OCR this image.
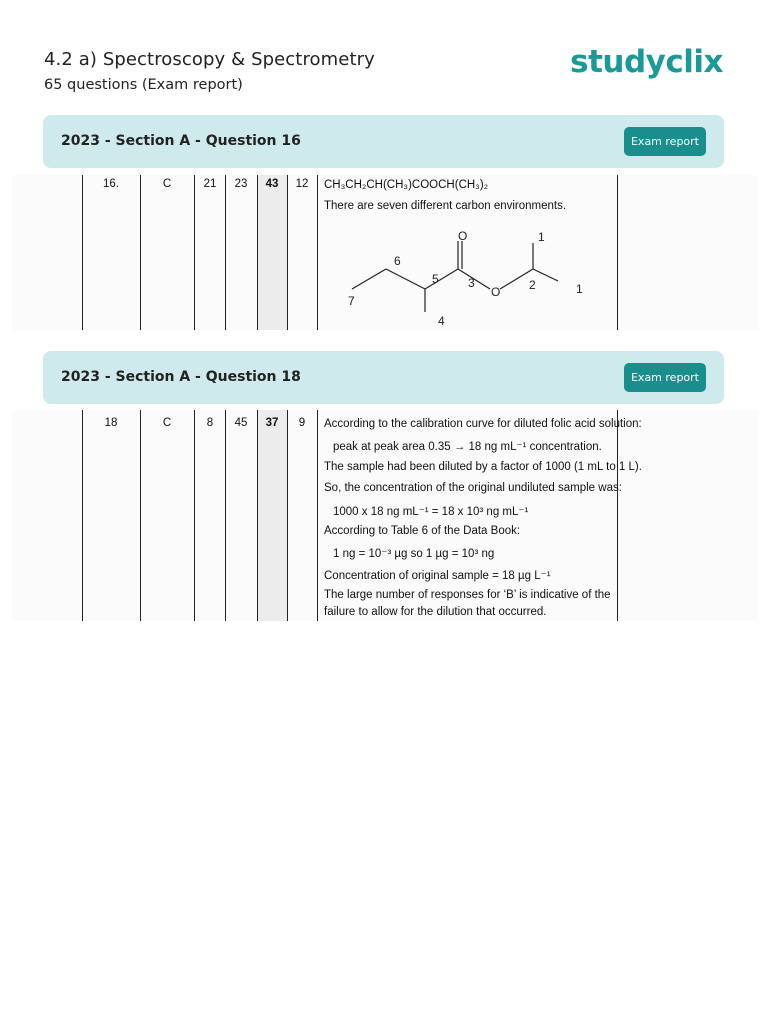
4.2 a) Spectroscopy & Spectrometry
65 questions (Exam report)
studyclix
2023 - Section A - Question 16	Exam report
16.	C	21	23	43	12	CH₃CH₂CH(CH₃)COOCH(CH₃)₂
There are seven different carbon environments.
O
O
1
2
3
4
5
6
7
1
2023 - Section A - Question 18	Exam report
18	C	8	45	37	9	According to the calibration curve for diluted folic acid solution:
peak at peak area 0.35 → 18 ng mL⁻¹ concentration.
The sample had been diluted by a factor of 1000 (1 mL to 1 L).
So, the concentration of the original undiluted sample was:
1000 x 18 ng mL⁻¹ = 18 x 10³ ng mL⁻¹
According to Table 6 of the Data Book:
1 ng = 10⁻³ µg so 1 µg = 10³ ng
Concentration of original sample = 18 µg L⁻¹
The large number of responses for ‘B’ is indicative of the
failure to allow for the dilution that occurred.
